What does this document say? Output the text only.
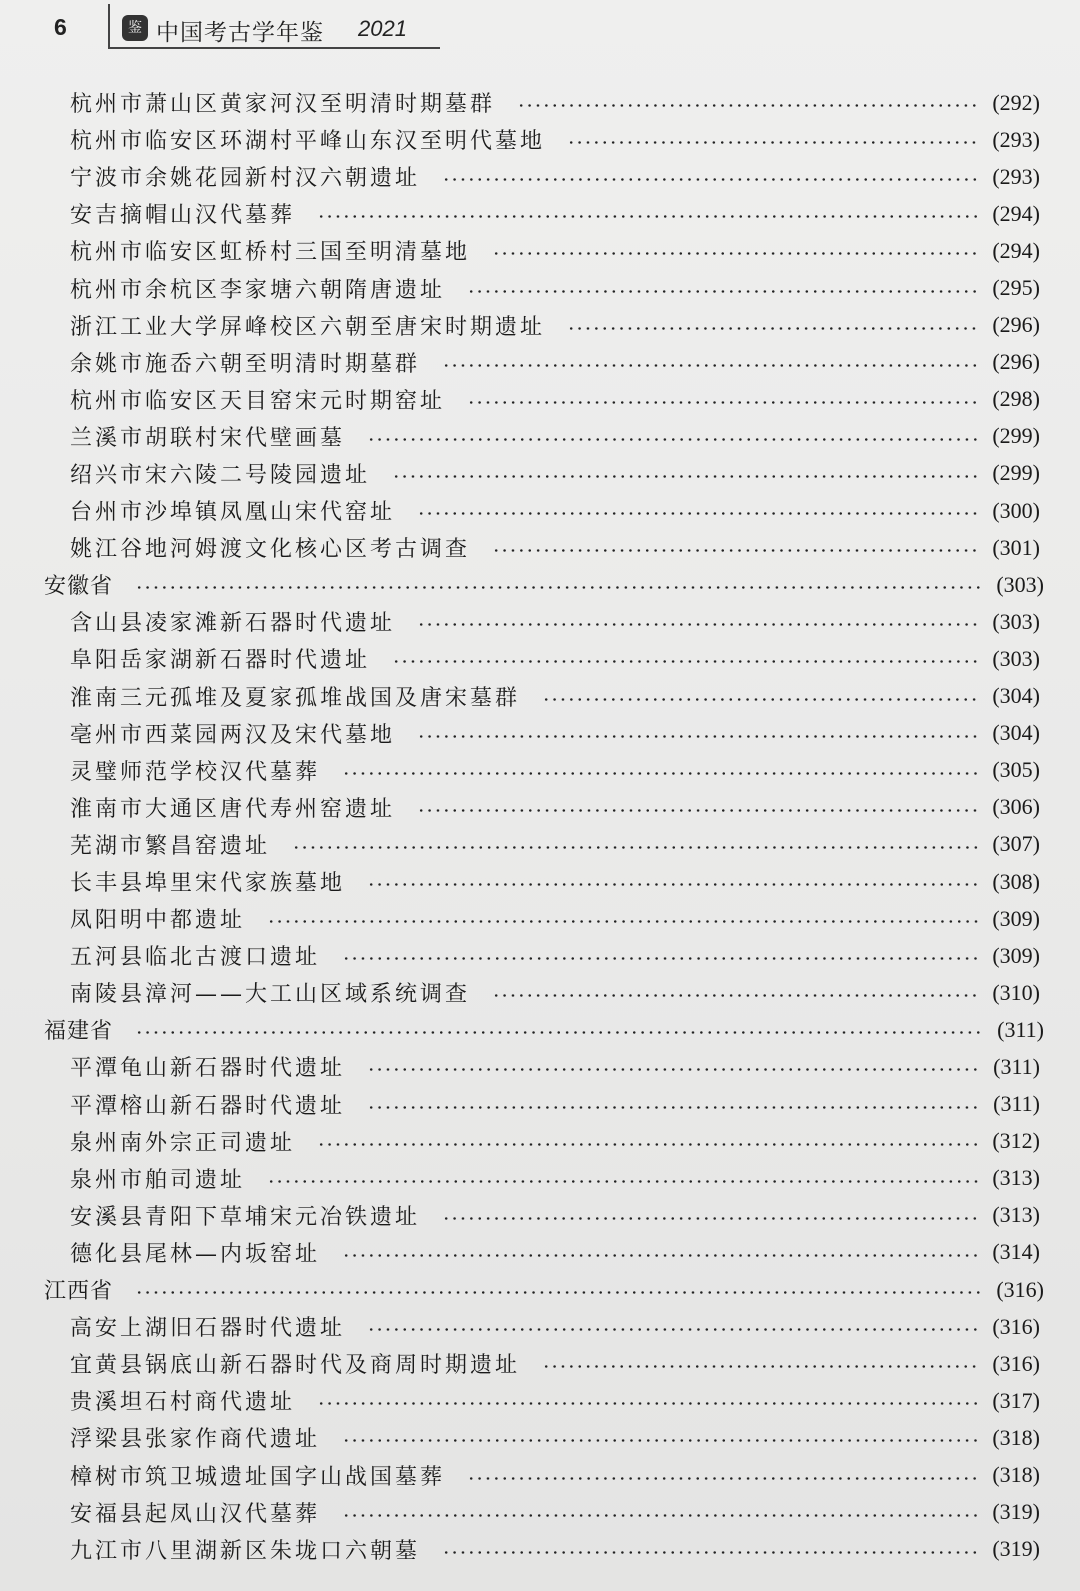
6	鉴 中国考古学年鉴 2021
杭州市萧山区黄家河汉至明清时期墓群	(292)
杭州市临安区环湖村平峰山东汉至明代墓地	(293)
宁波市余姚花园新村汉六朝遗址	(293)
安吉摘帽山汉代墓葬	(294)
杭州市临安区虹桥村三国至明清墓地	(294)
杭州市余杭区李家塘六朝隋唐遗址	(295)
浙江工业大学屏峰校区六朝至唐宋时期遗址	(296)
余姚市施岙六朝至明清时期墓群	(296)
杭州市临安区天目窑宋元时期窑址	(298)
兰溪市胡联村宋代壁画墓	(299)
绍兴市宋六陵二号陵园遗址	(299)
台州市沙埠镇凤凰山宋代窑址	(300)
姚江谷地河姆渡文化核心区考古调查	(301)
安徽省	(303)
含山县凌家滩新石器时代遗址	(303)
阜阳岳家湖新石器时代遗址	(303)
淮南三元孤堆及夏家孤堆战国及唐宋墓群	(304)
亳州市西菜园两汉及宋代墓地	(304)
灵璧师范学校汉代墓葬	(305)
淮南市大通区唐代寿州窑遗址	(306)
芜湖市繁昌窑遗址	(307)
长丰县埠里宋代家族墓地	(308)
凤阳明中都遗址	(309)
五河县临北古渡口遗址	(309)
南陵县漳河——大工山区域系统调查	(310)
福建省	(311)
平潭龟山新石器时代遗址	(311)
平潭榕山新石器时代遗址	(311)
泉州南外宗正司遗址	(312)
泉州市舶司遗址	(313)
安溪县青阳下草埔宋元冶铁遗址	(313)
德化县尾林—内坂窑址	(314)
江西省	(316)
高安上湖旧石器时代遗址	(316)
宜黄县锅底山新石器时代及商周时期遗址	(316)
贵溪坦石村商代遗址	(317)
浮梁县张家作商代遗址	(318)
樟树市筑卫城遗址国字山战国墓葬	(318)
安福县起凤山汉代墓葬	(319)
九江市八里湖新区朱垅口六朝墓	(319)
